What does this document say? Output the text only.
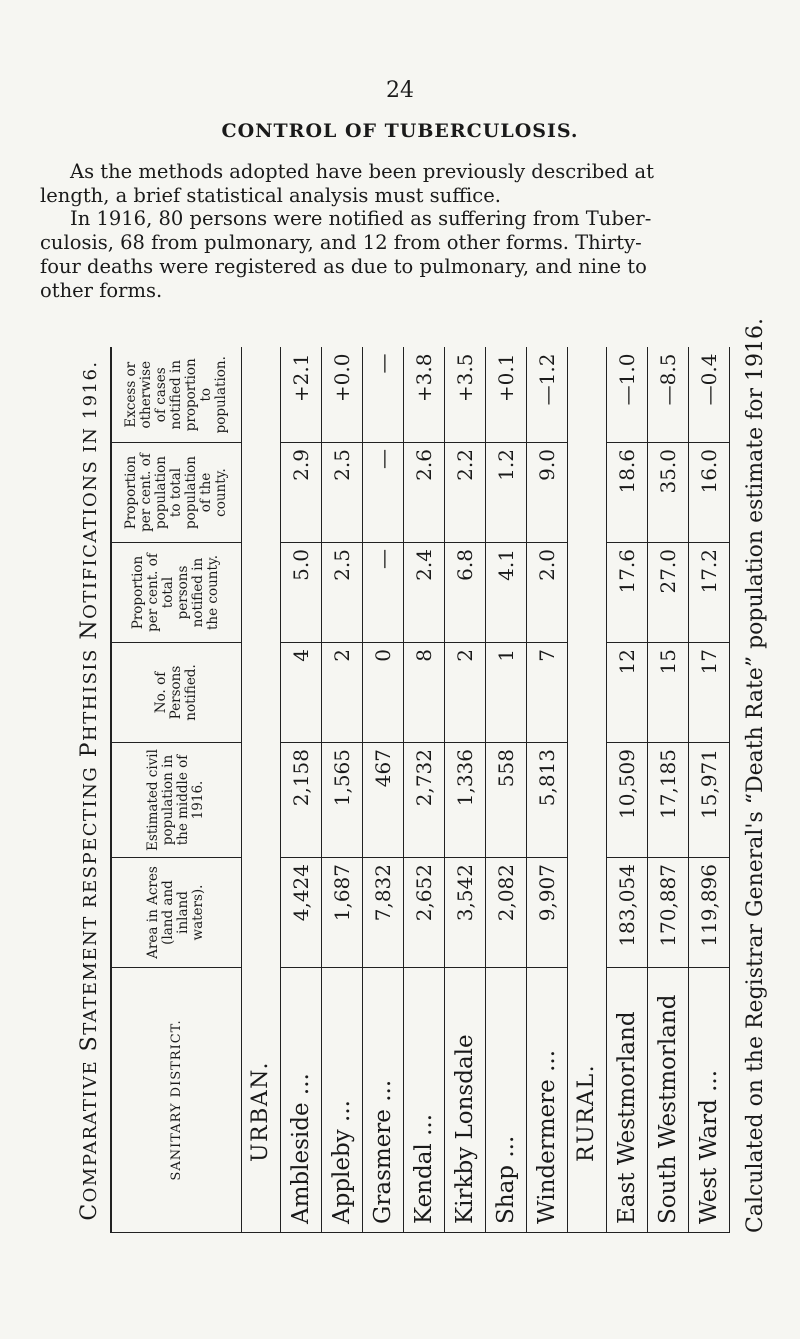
24
CONTROL OF TUBERCULOSIS.
As the methods adopted have been previously described at
length, a brief statistical analysis must suffice.
In 1916, 80 persons were notified as suffering from Tuber-
culosis, 68 from pulmonary, and 12 from other forms. Thirty-
four deaths were registered as due to pulmonary, and nine to
other forms.
COMPARATIVE STATEMENT RESPECTING PHTHISIS NOTIFICATIONS IN 1916.
SANITARY DISTRICT.	Area in Acres (land and inland waters).	Estimated civil population in the middle of 1916.	No. of Persons notified.	Proportion per cent. of total persons notified in the county.	Proportion per cent. of population to total population of the county.	Excess or otherwise of cases notified in proportion to population.
URBAN.						
Ambleside ...	4,424	2,158	4	5.0	2.9	+2.1
Appleby ...	1,687	1,565	2	2.5	2.5	+0.0
Grasmere ...	7,832	467	0	—	—	—
Kendal ...	2,652	2,732	8	2.4	2.6	+3.8
Kirkby Lonsdale	3,542	1,336	2	6.8	2.2	+3.5
Shap ...	2,082	558	1	4.1	1.2	+0.1
Windermere ...	9,907	5,813	7	2.0	9.0	—1.2
RURAL.						
East Westmorland	183,054	10,509	12	17.6	18.6	—1.0
South Westmorland	170,887	17,185	15	27.0	35.0	—8.5
West Ward ...	119,896	15,971	17	17.2	16.0	—0.4	Calculated on the Registrar General's “Death Rate” population estimate for 1916.
